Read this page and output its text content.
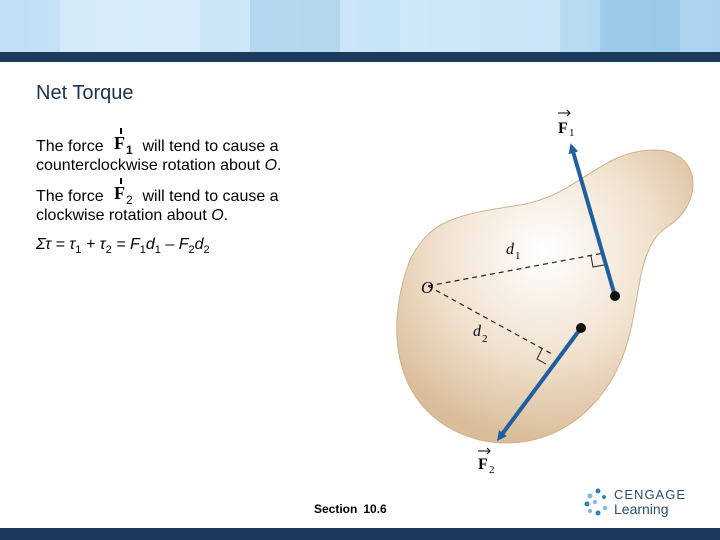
Net Torque
The force F 1 will tend to cause a
counterclockwise rotation about O.
The force F 2 will tend to cause a
clockwise rotation about O.
$\Sigma\tau = \tau_1 + \tau_2 = F_1d_1 - F_2d_2$
O
d 1
d 2
F 1
F 2
Section 10.6
CENGAGE
Learning
